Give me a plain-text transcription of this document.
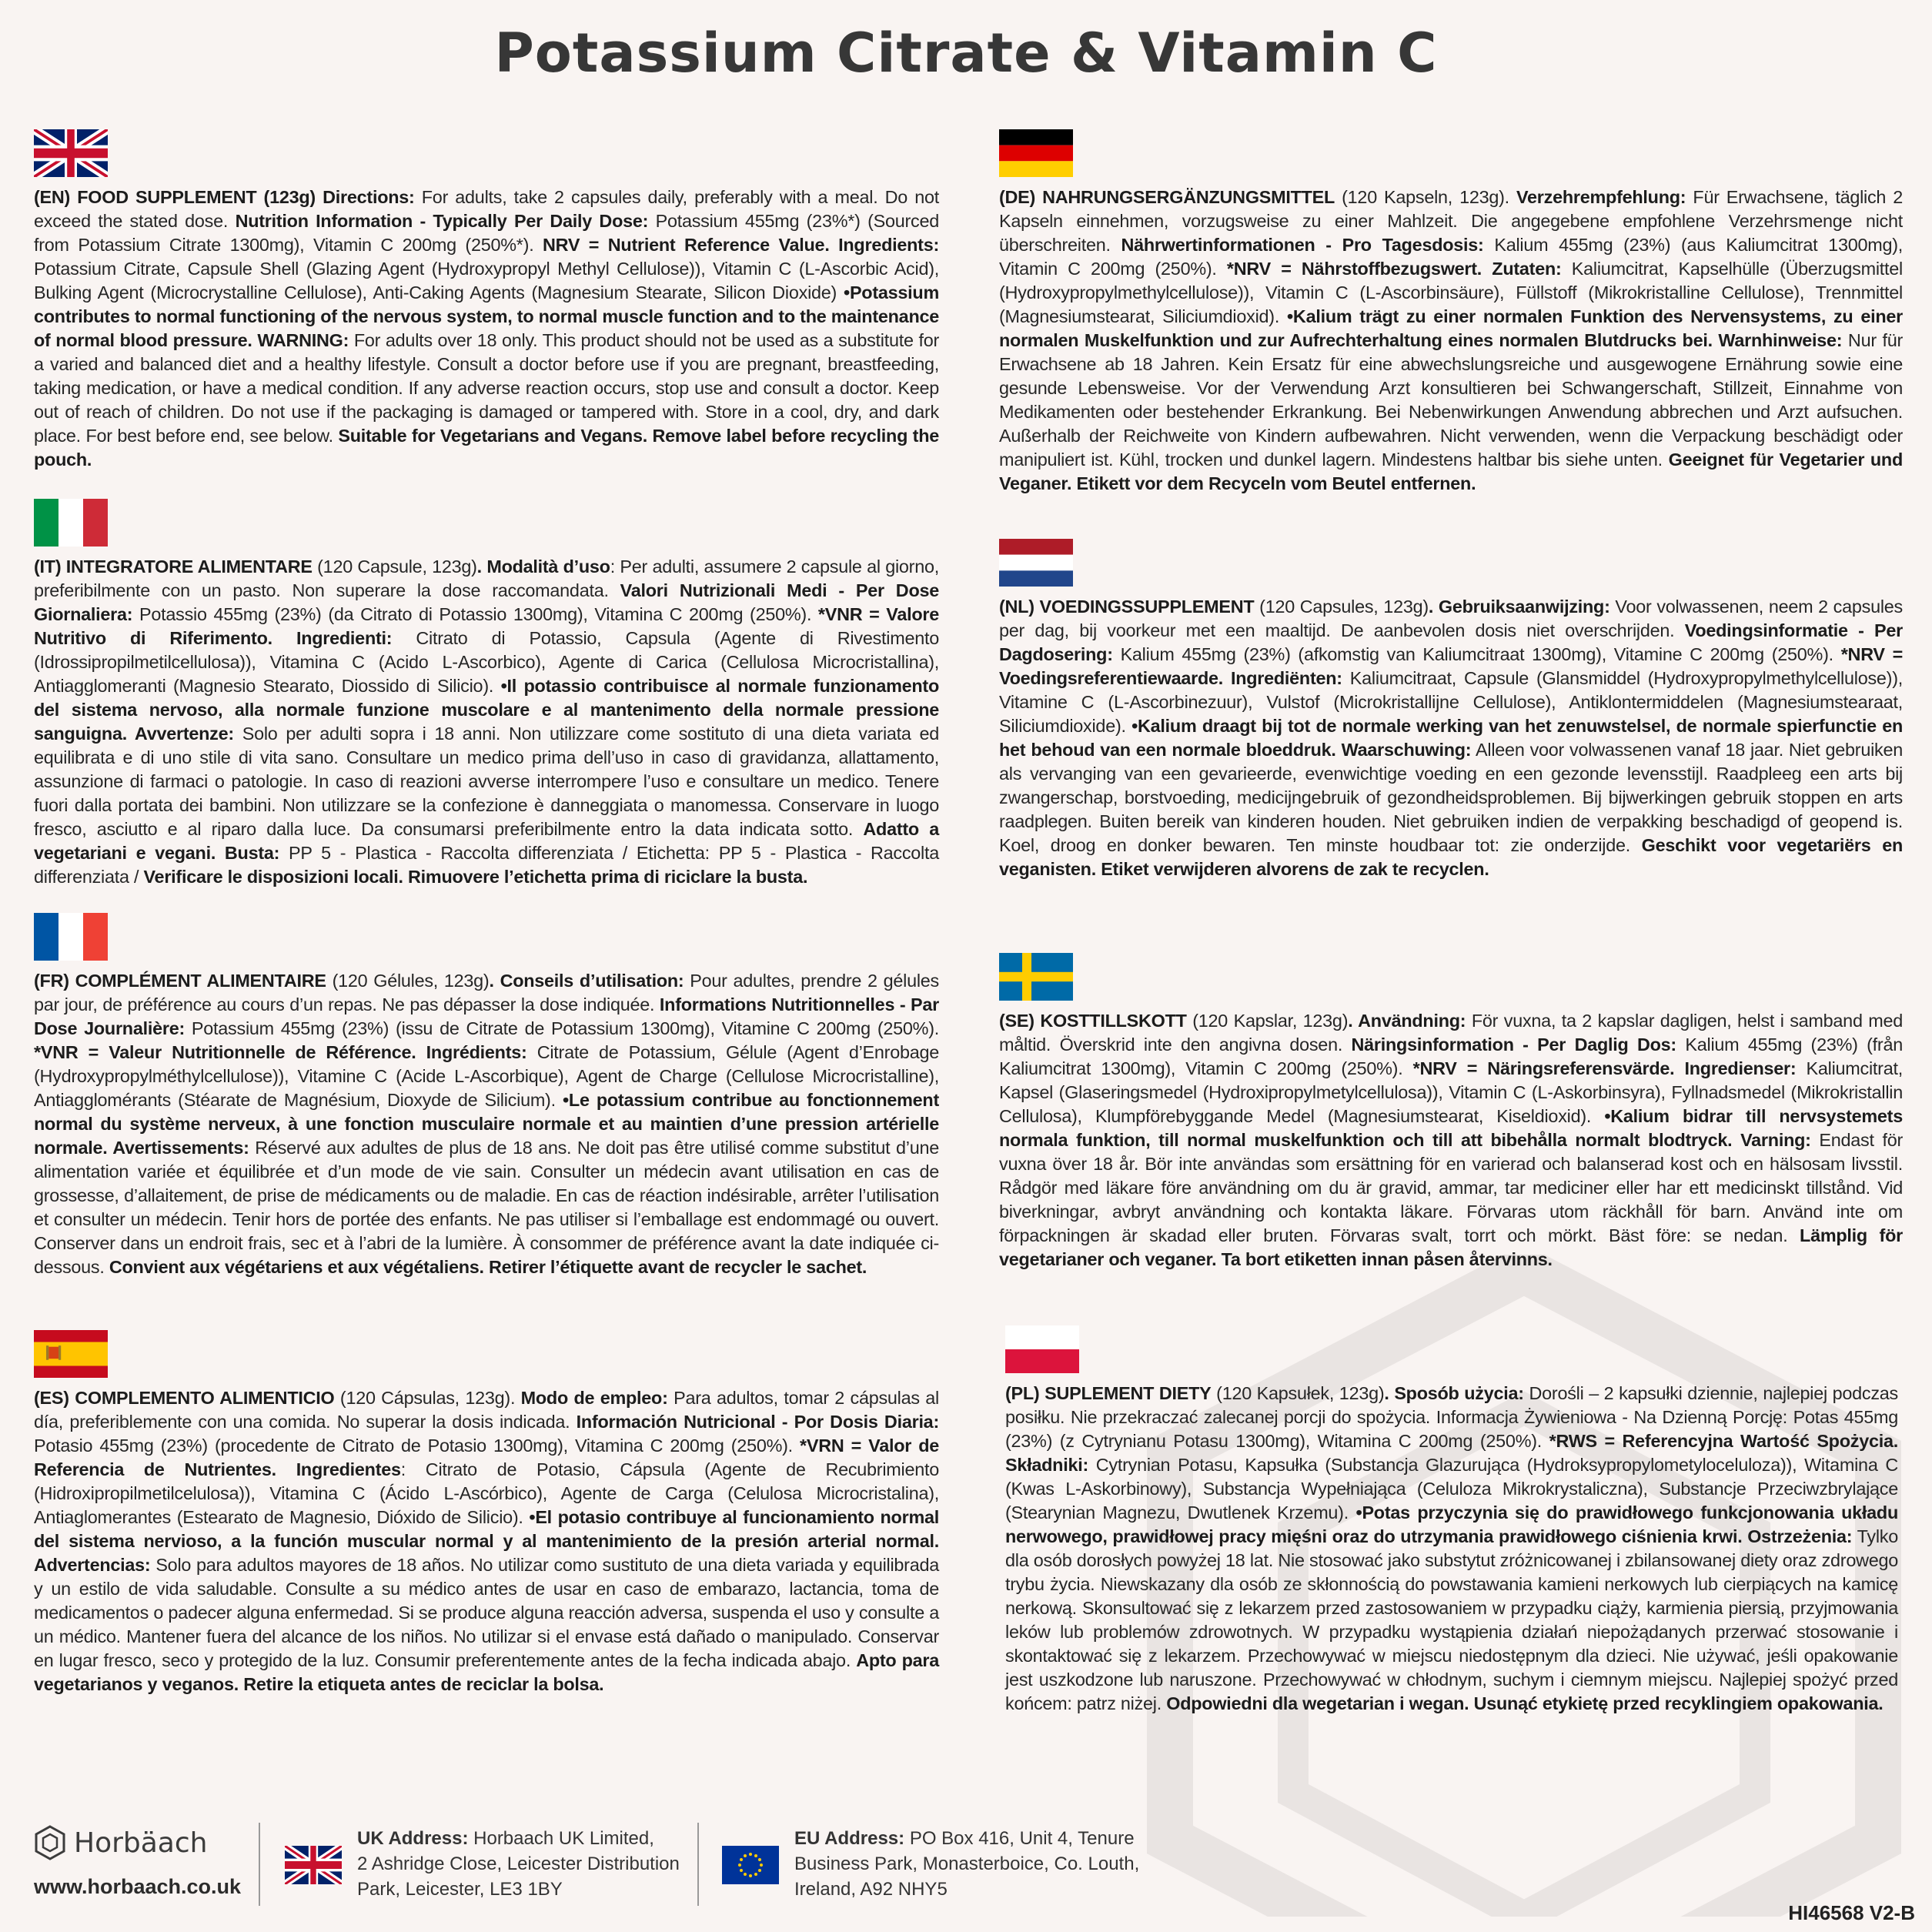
Potassium Citrate & Vitamin C

(EN) FOOD SUPPLEMENT (123g) Directions: For adults, take 2 capsules daily, preferably with a meal. Do not exceed the stated dose. Nutrition Information - Typically Per Daily Dose: Potassium 455mg (23%*) (Sourced from Potassium Citrate 1300mg), Vitamin C 200mg (250%*). NRV = Nutrient Reference Value. Ingredients: Potassium Citrate, Capsule Shell (Glazing Agent (Hydroxypropyl Methyl Cellulose)), Vitamin C (L-Ascorbic Acid), Bulking Agent (Microcrystalline Cellulose), Anti-Caking Agents (Magnesium Stearate, Silicon Dioxide) •Potassium contributes to normal functioning of the nervous system, to normal muscle function and to the maintenance of normal blood pressure. WARNING: For adults over 18 only. This product should not be used as a substitute for a varied and balanced diet and a healthy lifestyle. Consult a doctor before use if you are pregnant, breastfeeding, taking medication, or have a medical condition. If any adverse reaction occurs, stop use and consult a doctor. Keep out of reach of children. Do not use if the packaging is damaged or tampered with. Store in a cool, dry, and dark place. For best before end, see below. Suitable for Vegetarians and Vegans. Remove label before recycling the pouch.

(IT) INTEGRATORE ALIMENTARE (120 Capsule, 123g). Modalità d’uso: Per adulti, assumere 2 capsule al giorno, preferibilmente con un pasto. Non superare la dose raccomandata. Valori Nutrizionali Medi - Per Dose Giornaliera: Potassio 455mg (23%) (da Citrato di Potassio 1300mg), Vitamina C 200mg (250%). *VNR = Valore Nutritivo di Riferimento. Ingredienti: Citrato di Potassio, Capsula (Agente di Rivestimento (Idrossipropilmetilcellulosa)), Vitamina C (Acido L-Ascorbico), Agente di Carica (Cellulosa Microcristallina), Antiagglomeranti (Magnesio Stearato, Diossido di Silicio). •Il potassio contribuisce al normale funzionamento del sistema nervoso, alla normale funzione muscolare e al mantenimento della normale pressione sanguigna. Avvertenze: Solo per adulti sopra i 18 anni. Non utilizzare come sostituto di una dieta variata ed equilibrata e di uno stile di vita sano. Consultare un medico prima dell’uso in caso di gravidanza, allattamento, assunzione di farmaci o patologie. In caso di reazioni avverse interrompere l’uso e consultare un medico. Tenere fuori dalla portata dei bambini. Non utilizzare se la confezione è danneggiata o manomessa. Conservare in luogo fresco, asciutto e al riparo dalla luce. Da consumarsi preferibilmente entro la data indicata sotto. Adatto a vegetariani e vegani. Busta: PP 5 - Plastica - Raccolta differenziata / Etichetta: PP 5 - Plastica - Raccolta differenziata / Verificare le disposizioni locali. Rimuovere l’etichetta prima di riciclare la busta.

(FR) COMPLÉMENT ALIMENTAIRE (120 Gélules, 123g). Conseils d’utilisation: Pour adultes, prendre 2 gélules par jour, de préférence au cours d’un repas. Ne pas dépasser la dose indiquée. Informations Nutritionnelles - Par Dose Journalière: Potassium 455mg (23%) (issu de Citrate de Potassium 1300mg), Vitamine C 200mg (250%). *VNR = Valeur Nutritionnelle de Référence. Ingrédients: Citrate de Potassium, Gélule (Agent d’Enrobage (Hydroxypropylméthylcellulose)), Vitamine C (Acide L-Ascorbique), Agent de Charge (Cellulose Microcristalline), Antiagglomérants (Stéarate de Magnésium, Dioxyde de Silicium). •Le potassium contribue au fonctionnement normal du système nerveux, à une fonction musculaire normale et au maintien d’une pression artérielle normale. Avertissements: Réservé aux adultes de plus de 18 ans. Ne doit pas être utilisé comme substitut d’une alimentation variée et équilibrée et d’un mode de vie sain. Consulter un médecin avant utilisation en cas de grossesse, d’allaitement, de prise de médicaments ou de maladie. En cas de réaction indésirable, arrêter l’utilisation et consulter un médecin. Tenir hors de portée des enfants. Ne pas utiliser si l’emballage est endommagé ou ouvert. Conserver dans un endroit frais, sec et à l’abri de la lumière. À consommer de préférence avant la date indiquée ci-dessous. Convient aux végétariens et aux végétaliens. Retirer l’étiquette avant de recycler le sachet.

(ES) COMPLEMENTO ALIMENTICIO (120 Cápsulas, 123g). Modo de empleo: Para adultos, tomar 2 cápsulas al día, preferiblemente con una comida. No superar la dosis indicada. Información Nutricional - Por Dosis Diaria: Potasio 455mg (23%) (procedente de Citrato de Potasio 1300mg), Vitamina C 200mg (250%). *VRN = Valor de Referencia de Nutrientes. Ingredientes: Citrato de Potasio, Cápsula (Agente de Recubrimiento (Hidroxipropilmetilcelulosa)), Vitamina C (Ácido L-Ascórbico), Agente de Carga (Celulosa Microcristalina), Antiaglomerantes (Estearato de Magnesio, Dióxido de Silicio). •El potasio contribuye al funcionamiento normal del sistema nervioso, a la función muscular normal y al mantenimiento de la presión arterial normal. Advertencias: Solo para adultos mayores de 18 años. No utilizar como sustituto de una dieta variada y equilibrada y un estilo de vida saludable. Consulte a su médico antes de usar en caso de embarazo, lactancia, toma de medicamentos o padecer alguna enfermedad. Si se produce alguna reacción adversa, suspenda el uso y consulte a un médico. Mantener fuera del alcance de los niños. No utilizar si el envase está dañado o manipulado. Conservar en lugar fresco, seco y protegido de la luz. Consumir preferentemente antes de la fecha indicada abajo. Apto para vegetarianos y veganos. Retire la etiqueta antes de reciclar la bolsa.

(DE) NAHRUNGSERGÄNZUNGSMITTEL (120 Kapseln, 123g). Verzehrempfehlung: Für Erwachsene, täglich 2 Kapseln einnehmen, vorzugsweise zu einer Mahlzeit. Die angegebene empfohlene Verzehrsmenge nicht überschreiten. Nährwertinformationen - Pro Tagesdosis: Kalium 455mg (23%) (aus Kaliumcitrat 1300mg), Vitamin C 200mg (250%). *NRV = Nährstoffbezugswert. Zutaten: Kaliumcitrat, Kapselhülle (Überzugsmittel (Hydroxypropylmethylcellulose)), Vitamin C (L-Ascorbinsäure), Füllstoff (Mikrokristalline Cellulose), Trennmittel (Magnesiumstearat, Siliciumdioxid). •Kalium trägt zu einer normalen Funktion des Nervensystems, zu einer normalen Muskelfunktion und zur Aufrechterhaltung eines normalen Blutdrucks bei. Warnhinweise: Nur für Erwachsene ab 18 Jahren. Kein Ersatz für eine abwechslungsreiche und ausgewogene Ernährung sowie eine gesunde Lebensweise. Vor der Verwendung Arzt konsultieren bei Schwangerschaft, Stillzeit, Einnahme von Medikamenten oder bestehender Erkrankung. Bei Nebenwirkungen Anwendung abbrechen und Arzt aufsuchen. Außerhalb der Reichweite von Kindern aufbewahren. Nicht verwenden, wenn die Verpackung beschädigt oder manipuliert ist. Kühl, trocken und dunkel lagern. Mindestens haltbar bis siehe unten. Geeignet für Vegetarier und Veganer. Etikett vor dem Recyceln vom Beutel entfernen.

(NL) VOEDINGSSUPPLEMENT (120 Capsules, 123g). Gebruiksaanwijzing: Voor volwassenen, neem 2 capsules per dag, bij voorkeur met een maaltijd. De aanbevolen dosis niet overschrijden. Voedingsinformatie - Per Dagdosering: Kalium 455mg (23%) (afkomstig van Kaliumcitraat 1300mg), Vitamine C 200mg (250%). *NRV = Voedingsreferentiewaarde. Ingrediënten: Kaliumcitraat, Capsule (Glansmiddel (Hydroxypropylmethylcellulose)), Vitamine C (L-Ascorbinezuur), Vulstof (Microkristallijne Cellulose), Antiklontermiddelen (Magnesiumstearaat, Siliciumdioxide). •Kalium draagt bij tot de normale werking van het zenuwstelsel, de normale spierfunctie en het behoud van een normale bloeddruk. Waarschuwing: Alleen voor volwassenen vanaf 18 jaar. Niet gebruiken als vervanging van een gevarieerde, evenwichtige voeding en een gezonde levensstijl. Raadpleeg een arts bij zwangerschap, borstvoeding, medicijngebruik of gezondheidsproblemen. Bij bijwerkingen gebruik stoppen en arts raadplegen. Buiten bereik van kinderen houden. Niet gebruiken indien de verpakking beschadigd of geopend is. Koel, droog en donker bewaren. Ten minste houdbaar tot: zie onderzijde. Geschikt voor vegetariërs en veganisten. Etiket verwijderen alvorens de zak te recyclen.

(SE) KOSTTILLSKOTT (120 Kapslar, 123g). Användning: För vuxna, ta 2 kapslar dagligen, helst i samband med måltid. Överskrid inte den angivna dosen. Näringsinformation - Per Daglig Dos: Kalium 455mg (23%) (från Kaliumcitrat 1300mg), Vitamin C 200mg (250%). *NRV = Näringsreferensvärde. Ingredienser: Kaliumcitrat, Kapsel (Glaseringsmedel (Hydroxipropylmetylcellulosa)), Vitamin C (L-Askorbinsyra), Fyllnadsmedel (Mikrokristallin Cellulosa), Klumpförebyggande Medel (Magnesiumstearat, Kiseldioxid). •Kalium bidrar till nervsystemets normala funktion, till normal muskelfunktion och till att bibehålla normalt blodtryck. Varning: Endast för vuxna över 18 år. Bör inte användas som ersättning för en varierad och balanserad kost och en hälsosam livsstil. Rådgör med läkare före användning om du är gravid, ammar, tar mediciner eller har ett medicinskt tillstånd. Vid biverkningar, avbryt användning och kontakta läkare. Förvaras utom räckhåll för barn. Använd inte om förpackningen är skadad eller bruten. Förvaras svalt, torrt och mörkt. Bäst före: se nedan. Lämplig för vegetarianer och veganer. Ta bort etiketten innan påsen återvinns.

(PL) SUPLEMENT DIETY (120 Kapsułek, 123g). Sposób użycia: Dorośli – 2 kapsułki dziennie, najlepiej podczas posiłku. Nie przekraczać zalecanej porcji do spożycia. Informacja Żywieniowa - Na Dzienną Porcję: Potas 455mg (23%) (z Cytrynianu Potasu 1300mg), Witamina C 200mg (250%). *RWS = Referencyjna Wartość Spożycia. Składniki: Cytrynian Potasu, Kapsułka (Substancja Glazurująca (Hydroksypropylometyloceluloza)), Witamina C (Kwas L-Askorbinowy), Substancja Wypełniająca (Celuloza Mikrokrystaliczna), Substancje Przeciwzbrylające (Stearynian Magnezu, Dwutlenek Krzemu). •Potas przyczynia się do prawidłowego funkcjonowania układu nerwowego, prawidłowej pracy mięśni oraz do utrzymania prawidłowego ciśnienia krwi. Ostrzeżenia: Tylko dla osób dorosłych powyżej 18 lat. Nie stosować jako substytut zróżnicowanej i zbilansowanej diety oraz zdrowego trybu życia. Niewskazany dla osób ze skłonnością do powstawania kamieni nerkowych lub cierpiących na kamicę nerkową. Skonsultować się z lekarzem przed zastosowaniem w przypadku ciąży, karmienia piersią, przyjmowania leków lub problemów zdrowotnych. W przypadku wystąpienia działań niepożądanych przerwać stosowanie i skontaktować się z lekarzem. Przechowywać w miejscu niedostępnym dla dzieci. Nie używać, jeśli opakowanie jest uszkodzone lub naruszone. Przechowywać w chłodnym, suchym i ciemnym miejscu. Najlepiej spożyć przed końcem: patrz niżej. Odpowiedni dla wegetarian i wegan. Usunąć etykietę przed recyklingiem opakowania.

Horbäach
www.horbaach.co.uk
UK Address: Horbaach UK Limited,
2 Ashridge Close, Leicester Distribution
Park, Leicester, LE3 1BY
EU Address: PO Box 416, Unit 4, Tenure
Business Park, Monasterboice, Co. Louth,
Ireland, A92 NHY5
HI46568 V2-B
